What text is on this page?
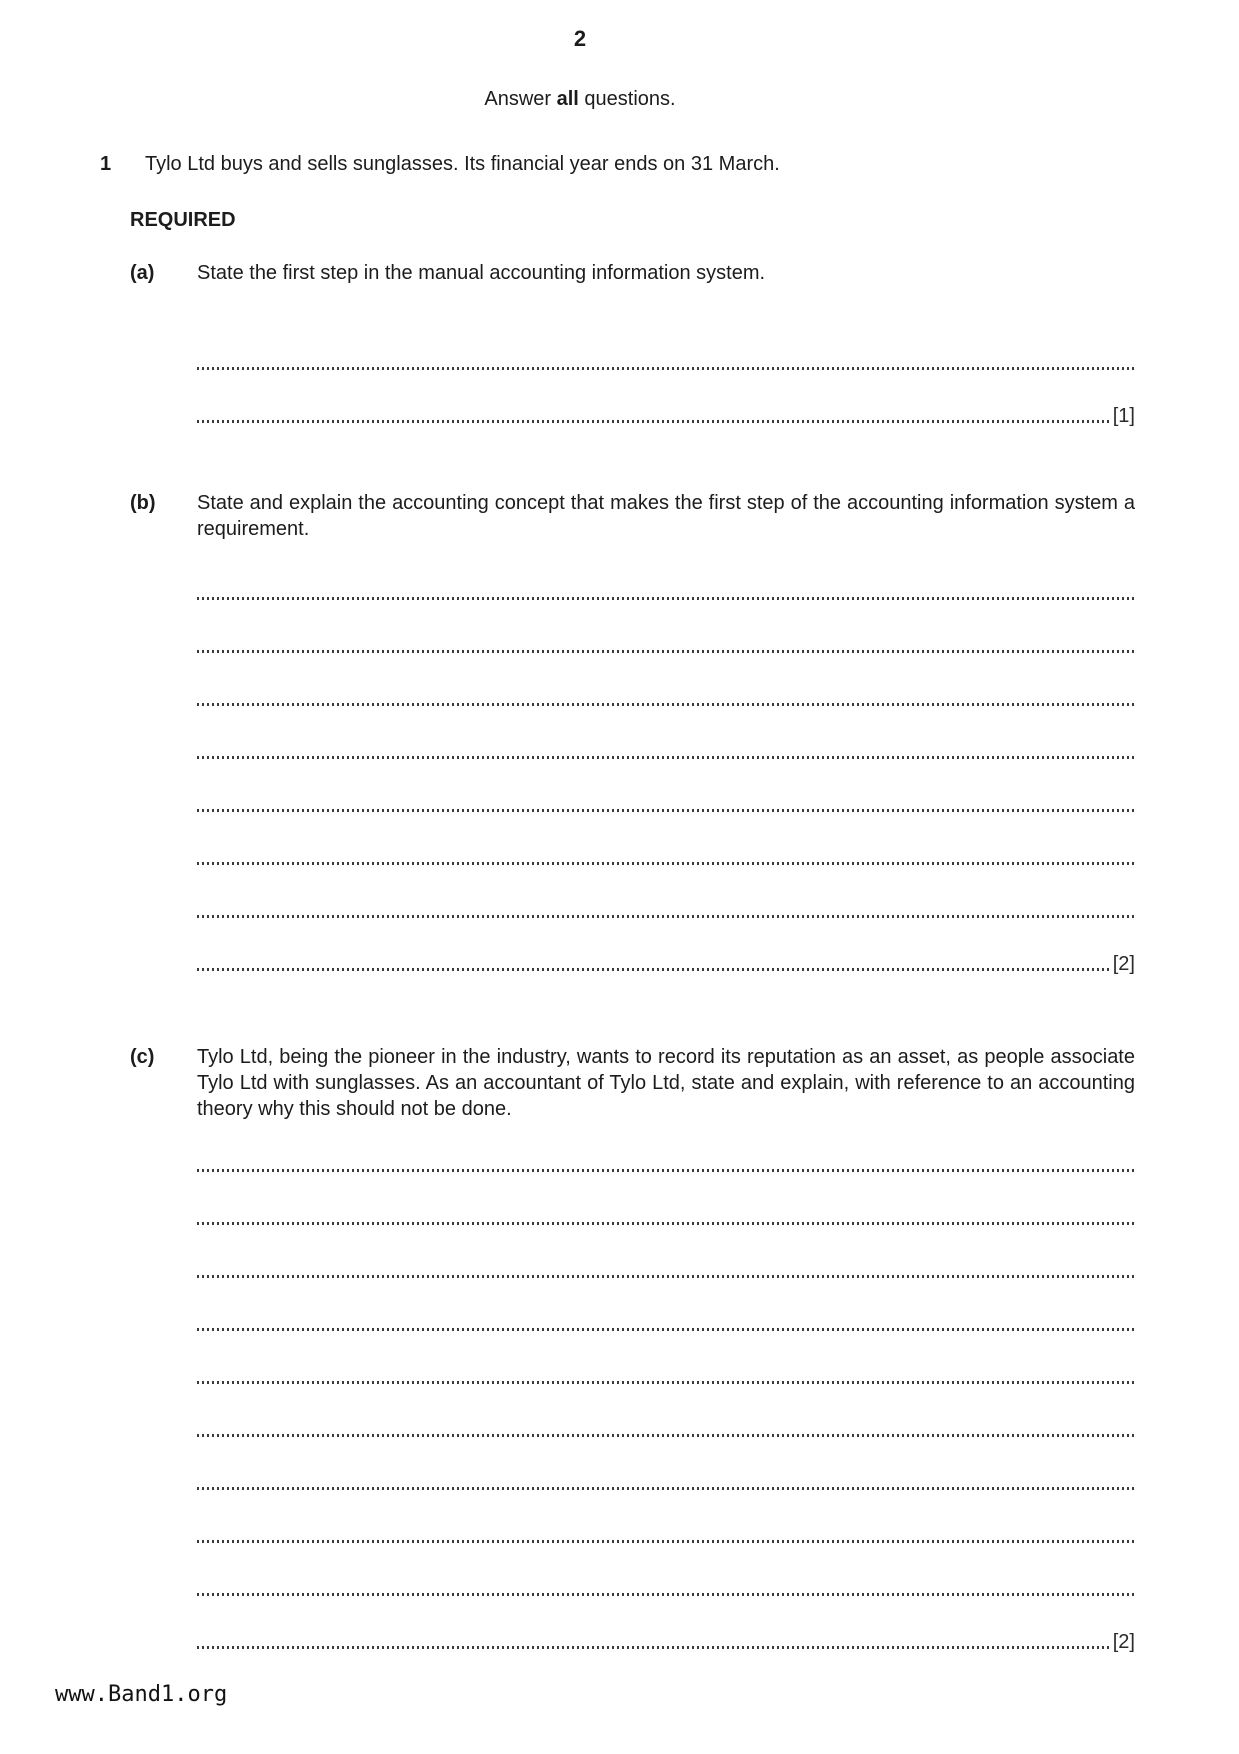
2
Answer all questions.
1	Tylo Ltd buys and sells sunglasses. Its financial year ends on 31 March.
REQUIRED
(a)	State the first step in the manual accounting information system.

[1]
(b)	State and explain the accounting concept that makes the first step of the accounting information system a requirement.

[2]
(c)	Tylo Ltd, being the pioneer in the industry, wants to record its reputation as an asset, as people associate Tylo Ltd with sunglasses. As an accountant of Tylo Ltd, state and explain, with reference to an accounting theory why this should not be done.

[2]
www.Band1.org
